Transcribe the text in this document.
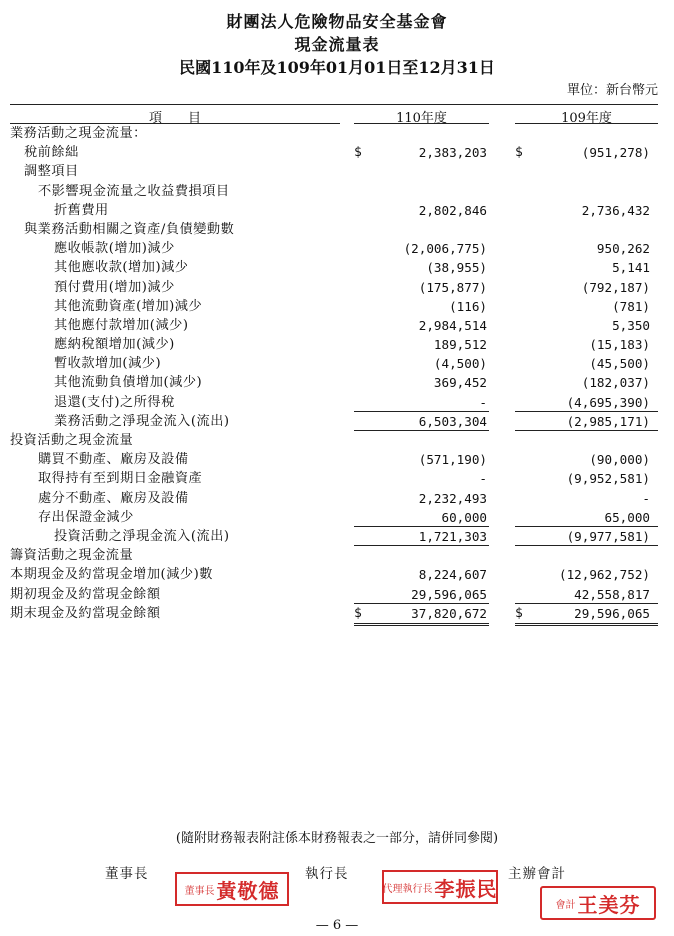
財團法人危險物品安全基金會
現金流量表
民國110年及109年01月01日至12月31日
單位：新台幣元
項　　目	110年度	109年度
業務活動之現金流量：
稅前餘絀	$	2,383,203 $	(951,278)
調整項目
不影響現金流量之收益費損項目
折舊費用	2,802,846	2,736,432
與業務活動相關之資產/負債變動數
應收帳款(增加)減少	(2,006,775)	950,262
其他應收款(增加)減少	(38,955)	5,141
預付費用(增加)減少	(175,877)	(792,187)
其他流動資產(增加)減少	(116)	(781)
其他應付款增加(減少)	2,984,514	5,350
應納稅額增加(減少)	189,512	(15,183)
暫收款增加(減少)	(4,500)	(45,500)
其他流動負債增加(減少)	369,452	(182,037)
退還(支付)之所得稅	-	(4,695,390)
業務活動之淨現金流入(流出)	6,503,304	(2,985,171)
投資活動之現金流量
購買不動產、廠房及設備	(571,190)	(90,000)
取得持有至到期日金融資產	-	(9,952,581)
處分不動產、廠房及設備	2,232,493	-
存出保證金減少	60,000	65,000
投資活動之淨現金流入(流出)	1,721,303	(9,977,581)
籌資活動之現金流量
本期現金及約當現金增加(減少)數	8,224,607	(12,962,752)
期初現金及約當現金餘額	29,596,065	42,558,817
期末現金及約當現金餘額	$	37,820,672 $	29,596,065
(隨附財務報表附註係本財務報表之一部分，請併同參閱)
董事長	執行長	主辦會計
董事長 黃敬德	代理執行長 李振民
會計 王美芬
— 6 —
